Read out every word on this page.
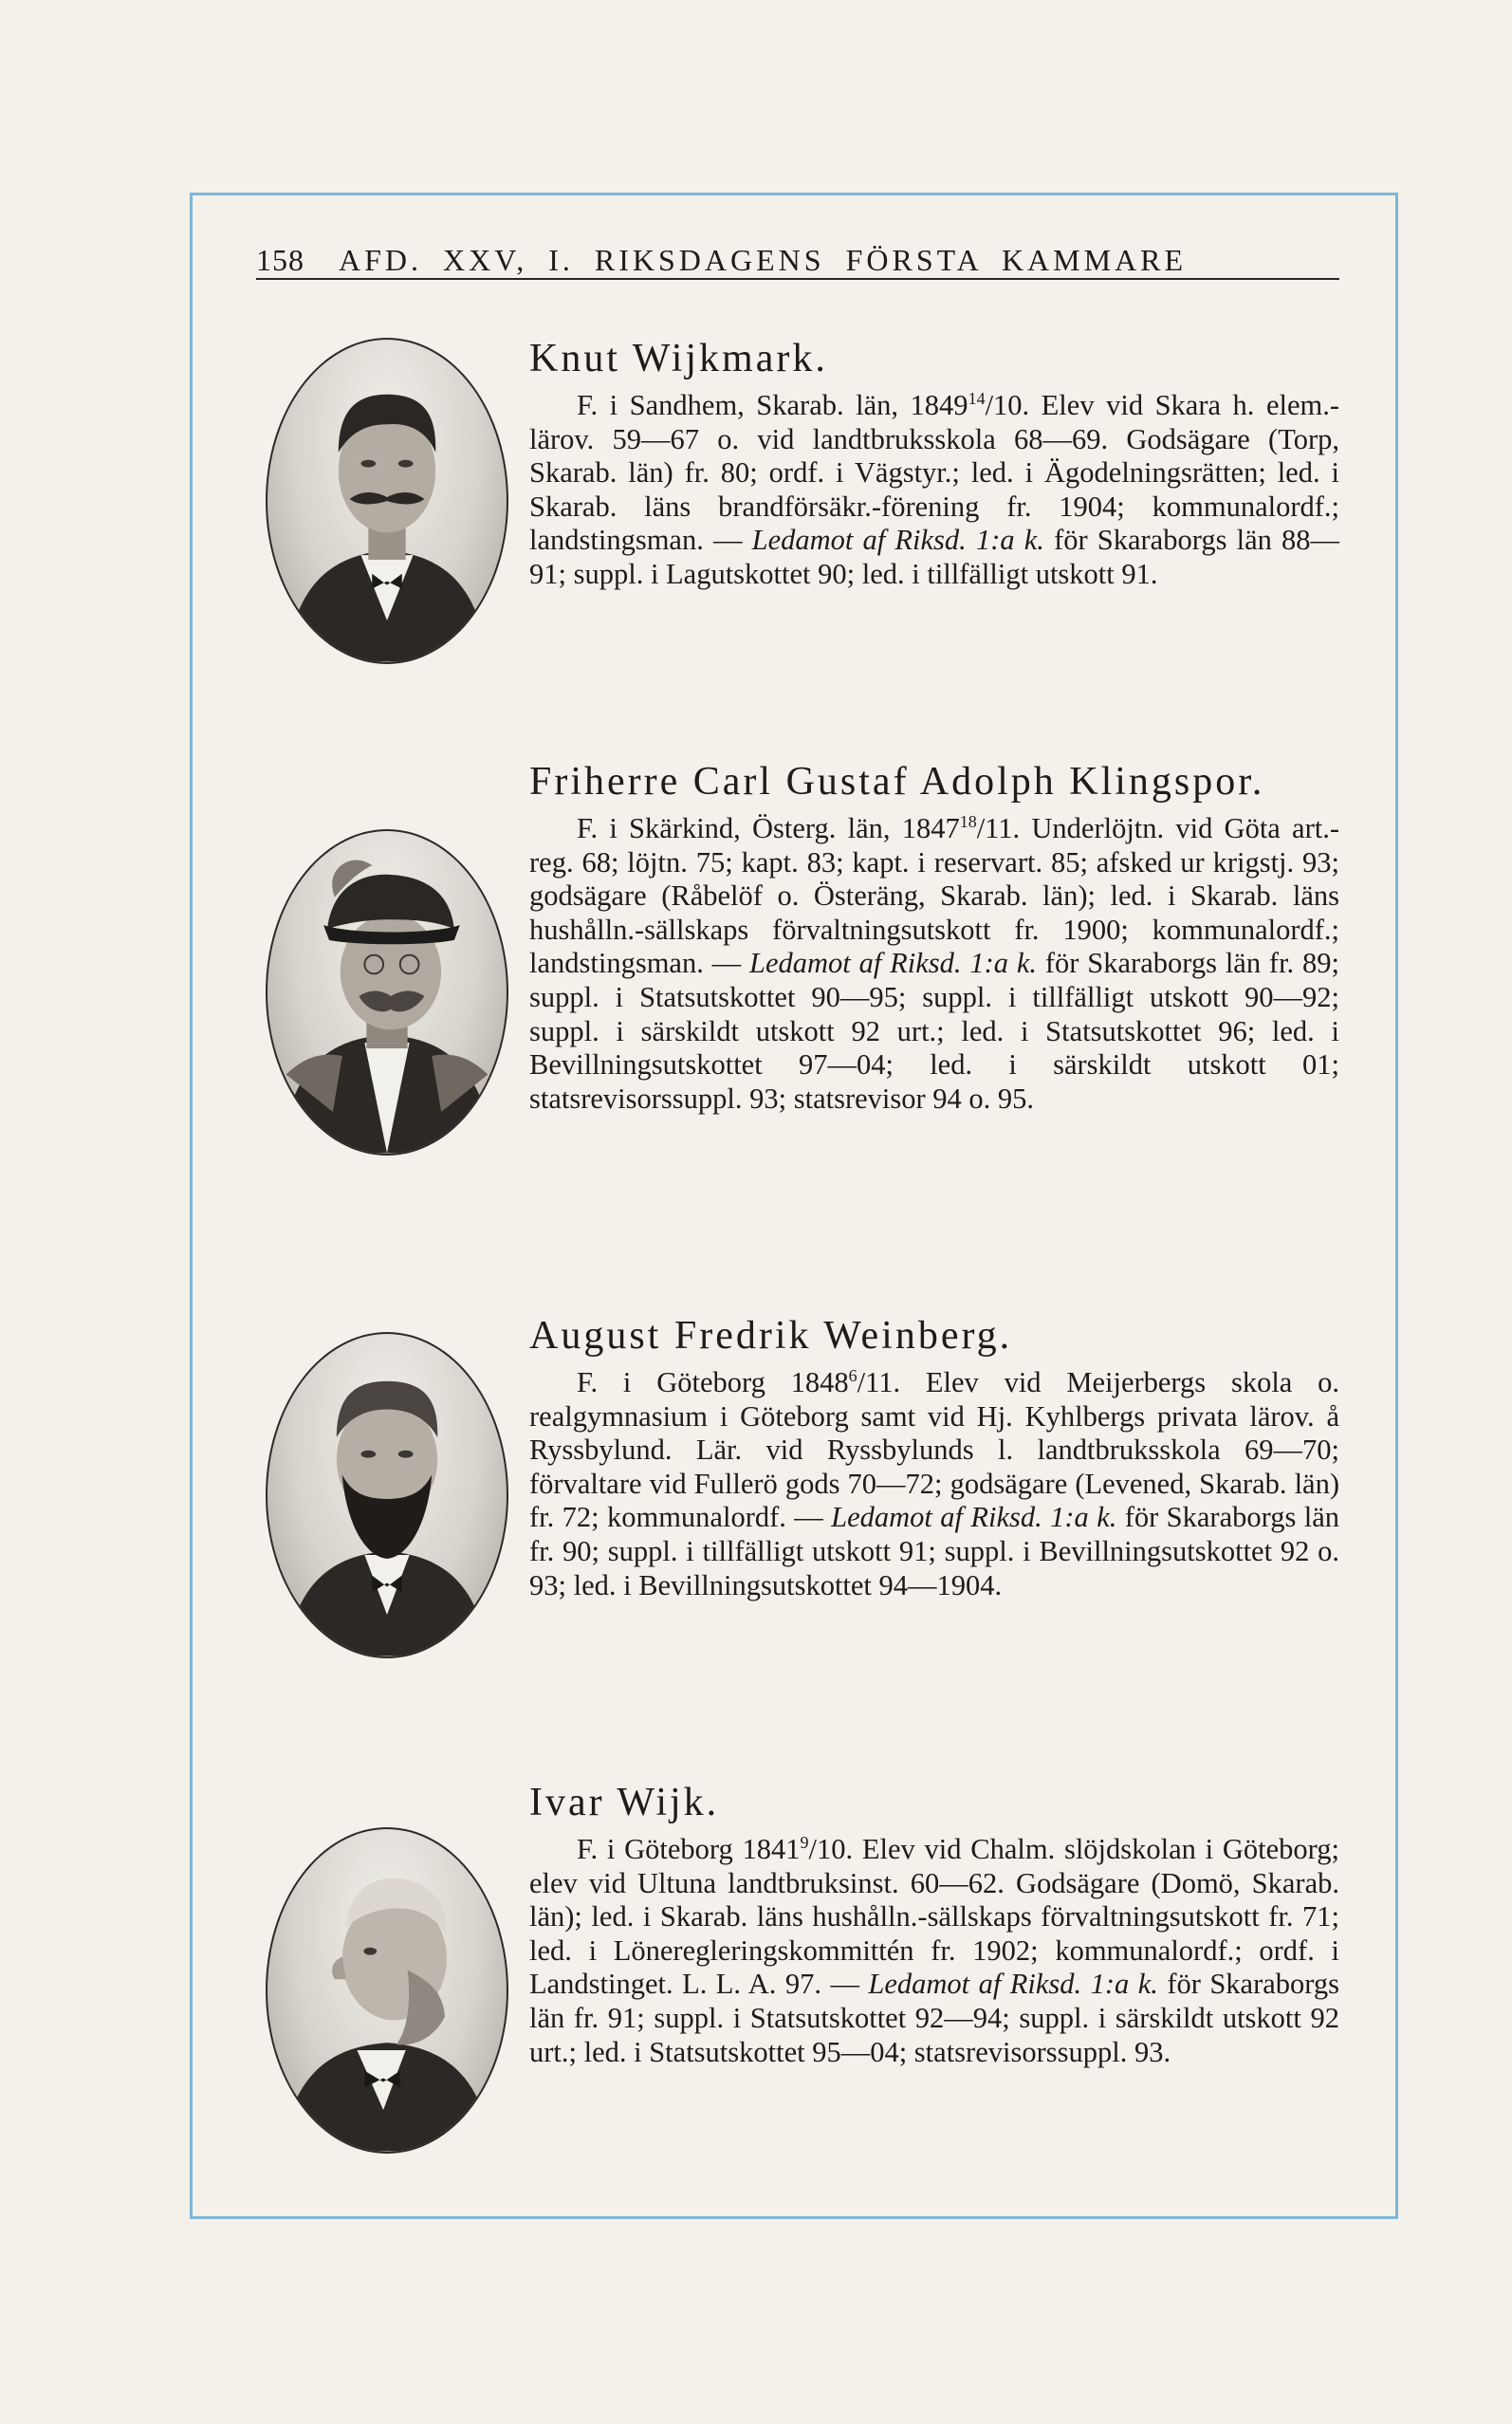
158 AFD. XXV, I. RIKSDAGENS FÖRSTA KAMMARE
Knut Wijkmark.

F. i Sandhem, Skarab. län, 1849$^{14}$/10. Elev vid Skara h. elem.-lärov. 59—67 o. vid landtbruksskola 68—69. Godsägare (Torp, Skarab. län) fr. 80; ordf. i Vägstyr.; led. i Ägodelningsrätten; led. i Skarab. läns brandförsäkr.-förening fr. 1904; kommunalordf.; landstingsman. — Ledamot af Riksd. 1:a k. för Skaraborgs län 88—91; suppl. i Lagutskottet 90; led. i tillfälligt utskott 91.

Friherre Carl Gustaf Adolph Klingspor.

F. i Skärkind, Österg. län, 1847$^{18}$/11. Underlöjtn. vid Göta art.-reg. 68; löjtn. 75; kapt. 83; kapt. i reservart. 85; afsked ur krigstj. 93; godsägare (Råbelöf o. Österäng, Skarab. län); led. i Skarab. läns hushålln.-sällskaps förvaltningsutskott fr. 1900; kommunalordf.; landstingsman. — Ledamot af Riksd. 1:a k. för Skaraborgs län fr. 89; suppl. i Statsutskottet 90—95; suppl. i tillfälligt utskott 90—92; suppl. i särskildt utskott 92 urt.; led. i Statsutskottet 96; led. i Bevillningsutskottet 97—04; led. i särskildt utskott 01; statsrevisorssuppl. 93; statsrevisor 94 o. 95.

August Fredrik Weinberg.

F. i Göteborg 1848$^6$/11. Elev vid Meijerbergs skola o. realgymnasium i Göteborg samt vid Hj. Kyhlbergs privata lärov. å Ryssbylund. Lär. vid Ryssbylunds l. landtbruksskola 69—70; förvaltare vid Fullerö gods 70—72; godsägare (Levened, Skarab. län) fr. 72; kommunalordf. — Ledamot af Riksd. 1:a k. för Skaraborgs län fr. 90; suppl. i tillfälligt utskott 91; suppl. i Bevillningsutskottet 92 o. 93; led. i Bevillningsutskottet 94—1904.

Ivar Wijk.

F. i Göteborg 1841$^9$/10. Elev vid Chalm. slöjdskolan i Göteborg; elev vid Ultuna landtbruksinst. 60—62. Godsägare (Domö, Skarab. län); led. i Skarab. läns hushålln.-sällskaps förvaltningsutskott fr. 71; led. i Löneregleringskommittén fr. 1902; kommunalordf.; ordf. i Landstinget. L. L. A. 97. — Ledamot af Riksd. 1:a k. för Skaraborgs län fr. 91; suppl. i Statsutskottet 92—94; suppl. i särskildt utskott 92 urt.; led. i Statsutskottet 95—04; statsrevisorssuppl. 93.
